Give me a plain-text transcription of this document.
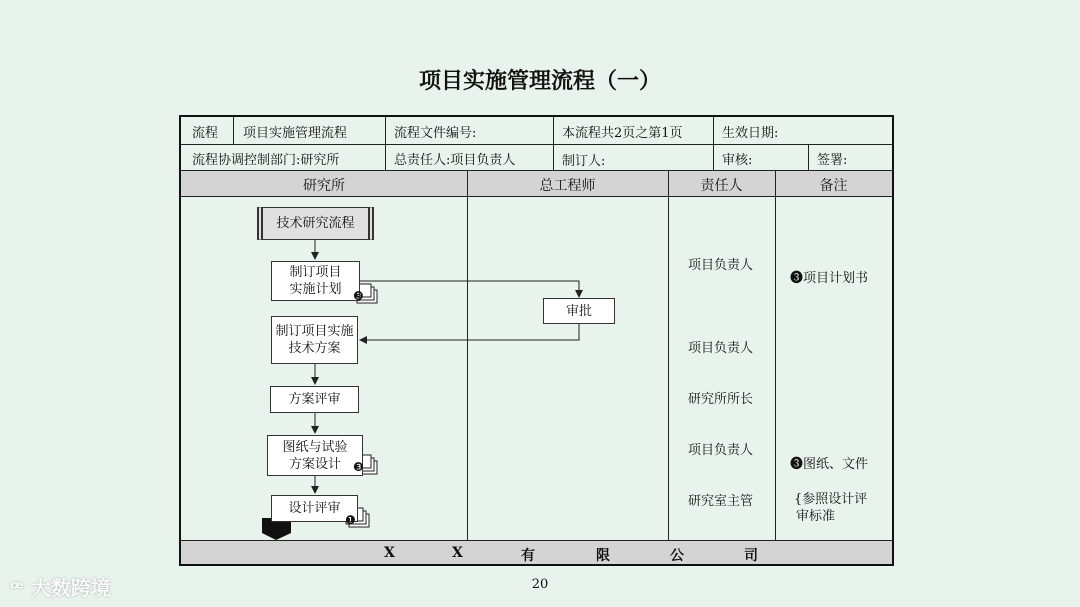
项目实施管理流程（一）
流程 项目实施管理流程	流程文件编号:	本流程共2页之第1页	生效日期:
流程协调控制部门:研究所	总责任人:项目负责人	制订人:	审核:	签署:
研究所	总工程师	责任人	备注
技术研究流程
制订项目
实施计划
审批
制订项目实施
技术方案
方案评审
图纸与试验
方案设计
设计评审
❸
❸
❶
项目负责人
项目负责人
研究所所长
项目负责人
研究室主管
❸项目计划书
❸图纸、文件
{参照设计评
审标准
X	X	有	限	公	司
20
ꟹ 大数跨境
